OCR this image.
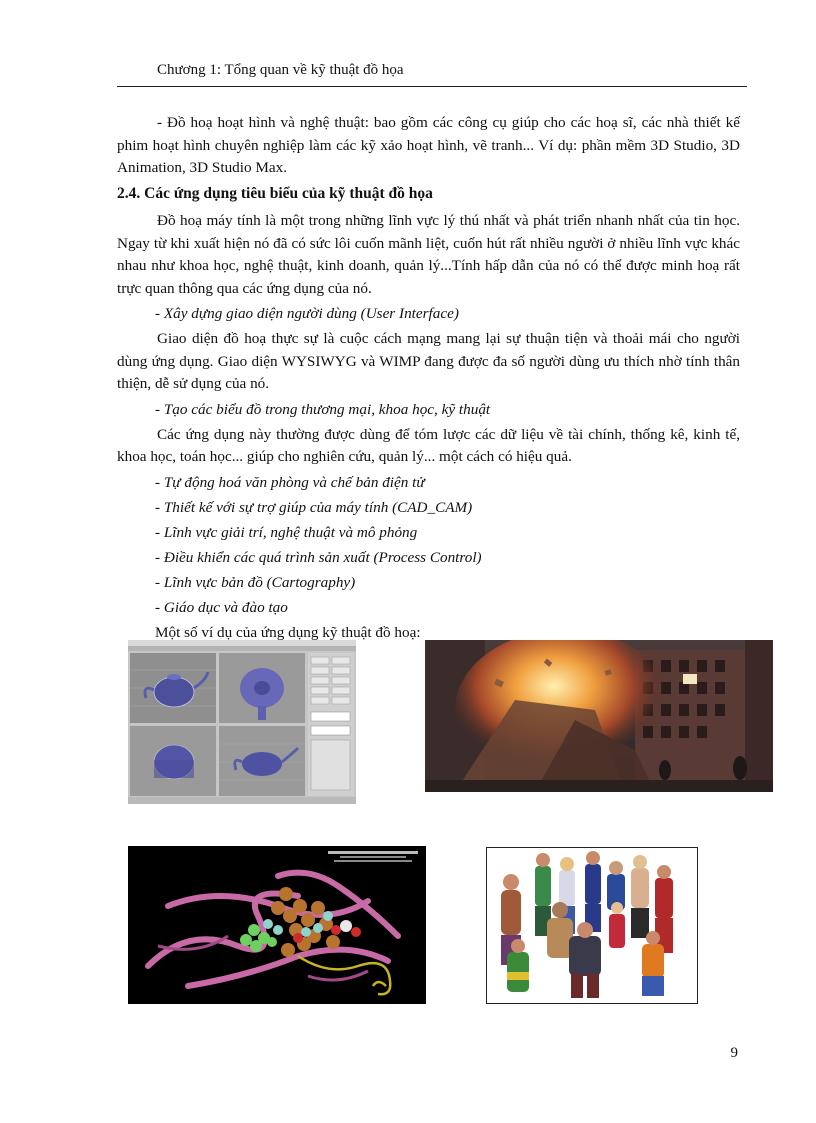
Chương 1: Tổng quan về kỹ thuật đồ họa

- Đồ hoạ hoạt hình và nghệ thuật: bao gồm các công cụ giúp cho các hoạ sĩ, các nhà thiết kế phim hoạt hình chuyên nghiệp làm các kỹ xảo hoạt hình, vẽ tranh... Ví dụ: phần mềm 3D Studio, 3D Animation, 3D Studio Max.

2.4. Các ứng dụng tiêu biểu của kỹ thuật đồ họa

Đồ hoạ máy tính là một trong những lĩnh vực lý thú nhất và phát triển nhanh nhất của tin học. Ngay từ khi xuất hiện nó đã có sức lôi cuốn mãnh liệt, cuốn hút rất nhiều người ở nhiều lĩnh vực khác nhau như khoa học, nghệ thuật, kinh doanh, quản lý...Tính hấp dẫn của nó có thể được minh hoạ rất trực quan thông qua các ứng dụng của nó.

- Xây dựng giao diện người dùng (User Interface)

Giao diện đồ hoạ thực sự là cuộc cách mạng mang lại sự thuận tiện và thoải mái cho người dùng ứng dụng. Giao diện WYSIWYG và WIMP đang được đa số người dùng ưu thích nhờ tính thân thiện, dễ sử dụng của nó.

- Tạo các biểu đồ trong thương mại, khoa học, kỹ thuật

Các ứng dụng này thường được dùng để tóm lược các dữ liệu về tài chính, thống kê, kinh tế, khoa học, toán học... giúp cho nghiên cứu, quản lý... một cách có hiệu quả.

- Tự động hoá văn phòng và chế bản điện tử

- Thiết kế với sự trợ giúp của máy tính (CAD_CAM)

- Lĩnh vực giải trí, nghệ thuật và mô phỏng

- Điều khiển các quá trình sản xuất (Process Control)

- Lĩnh vực bản đồ (Cartography)

- Giáo dục và đào tạo

Một số ví dụ của ứng dụng kỹ thuật đồ hoạ:

9
